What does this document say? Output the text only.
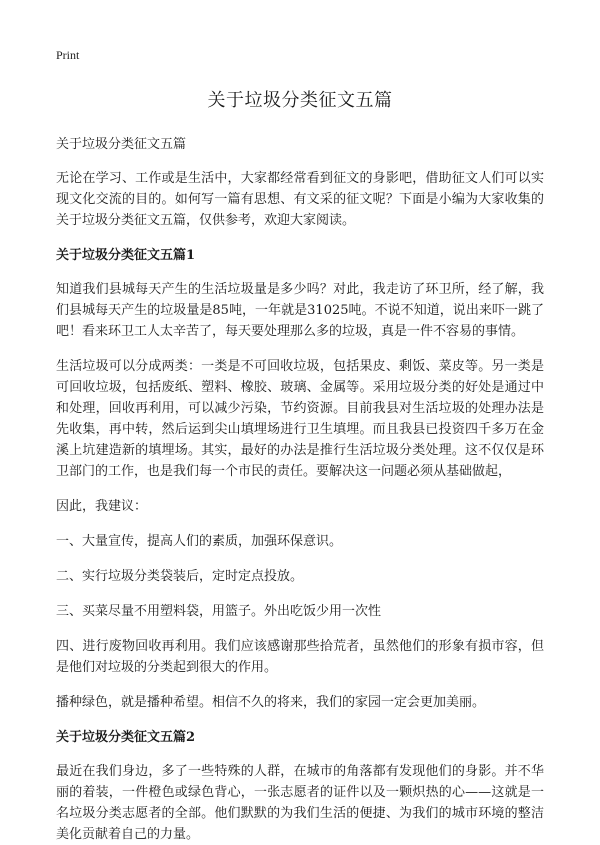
Print
关于垃圾分类征文五篇
关于垃圾分类征文五篇

无论在学习、工作或是生活中，大家都经常看到征文的身影吧，借助征文人们可以实现文化交流的目的。如何写一篇有思想、有文采的征文呢？下面是小编为大家收集的关于垃圾分类征文五篇，仅供参考，欢迎大家阅读。

关于垃圾分类征文五篇1

知道我们县城每天产生的生活垃圾量是多少吗？对此，我走访了环卫所，经了解，我们县城每天产生的垃圾量是85吨，一年就是31025吨。不说不知道，说出来吓一跳了吧！看来环卫工人太辛苦了，每天要处理那么多的垃圾，真是一件不容易的事情。

生活垃圾可以分成两类：一类是不可回收垃圾，包括果皮、剩饭、菜皮等。另一类是可回收垃圾，包括废纸、塑料、橡胶、玻璃、金属等。采用垃圾分类的好处是通过中和处理，回收再利用，可以减少污染，节约资源。目前我县对生活垃圾的处理办法是先收集，再中转，然后运到尖山填埋场进行卫生填埋。而且我县已投资四千多万在金溪上坑建造新的填埋场。其实，最好的办法是推行生活垃圾分类处理。这不仅仅是环卫部门的工作，也是我们每一个市民的责任。要解决这一问题必须从基础做起，

因此，我建议：

一、大量宣传，提高人们的素质，加强环保意识。

二、实行垃圾分类袋装后，定时定点投放。

三、买菜尽量不用塑料袋，用篮子。外出吃饭少用一次性

四、进行废物回收再利用。我们应该感谢那些拾荒者，虽然他们的形象有损市容，但是他们对垃圾的分类起到很大的作用。

播种绿色，就是播种希望。相信不久的将来，我们的家园一定会更加美丽。

关于垃圾分类征文五篇2

最近在我们身边，多了一些特殊的人群，在城市的角落都有发现他们的身影。并不华丽的着装，一件橙色或绿色背心，一张志愿者的证件以及一颗炽热的心——这就是一名垃圾分类志愿者的全部。他们默默的为我们生活的便捷、为我们的城市环境的整洁美化贡献着自己的力量。
